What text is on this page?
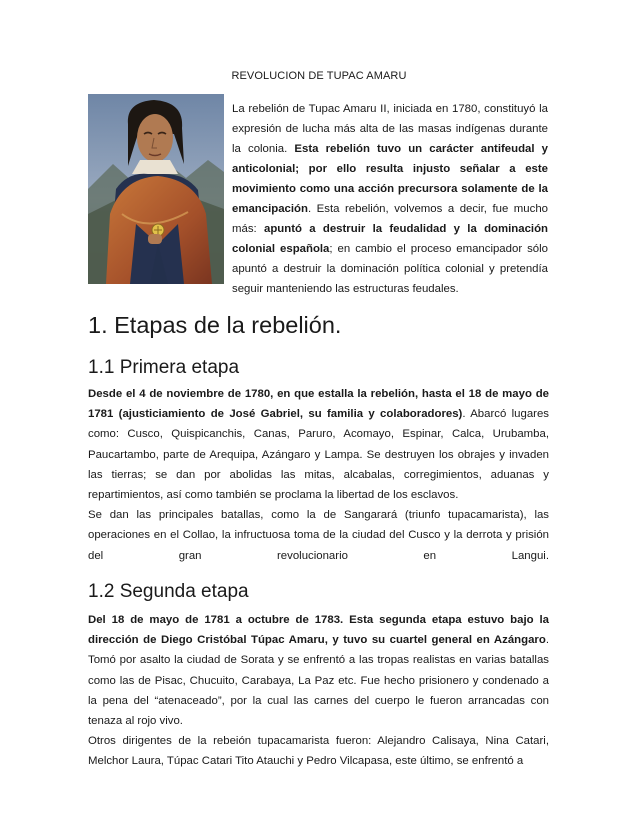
REVOLUCION DE TUPAC AMARU
La rebelión de Tupac Amaru II, iniciada en 1780, constituyó la expresión de lucha más alta de las masas indígenas durante la colonia. Esta rebelión tuvo un carácter antifeudal y anticolonial; por ello resulta injusto señalar a este movimiento como una acción precursora solamente de la emancipación. Esta rebelión, volvemos a decir, fue mucho más: apuntó a destruir la feudalidad y la dominación colonial española; en cambio el proceso emancipador sólo apuntó a destruir la dominación política colonial y pretendía seguir manteniendo las estructuras feudales.
1. Etapas de la rebelión.
1.1 Primera etapa
Desde el 4 de noviembre de 1780, en que estalla la rebelión, hasta el 18 de mayo de 1781 (ajusticiamiento de José Gabriel, su familia y colaboradores). Abarcó lugares como: Cusco, Quispicanchis, Canas, Paruro, Acomayo, Espinar, Calca, Urubamba, Paucartambo, parte de Arequipa, Azángaro y Lampa. Se destruyen los obrajes y invaden las tierras; se dan por abolidas las mitas, alcabalas, corregimientos, aduanas y repartimientos, así como también se proclama la libertad de los esclavos.
Se dan las principales batallas, como la de Sangarará (triunfo tupacamarista), las operaciones en el Collao, la infructuosa toma de la ciudad del Cusco y la derrota y prisión del gran revolucionario en Langui.
1.2 Segunda etapa
Del 18 de mayo de 1781 a octubre de 1783. Esta segunda etapa estuvo bajo la dirección de Diego Cristóbal Túpac Amaru, y tuvo su cuartel general en Azángaro. Tomó por asalto la ciudad de Sorata y se enfrentó a las tropas realistas en varias batallas como las de Pisac, Chucuito, Carabaya, La Paz etc. Fue hecho prisionero y condenado a la pena del “atenaceado”, por la cual las carnes del cuerpo le fueron arrancadas con tenaza al rojo vivo.
Otros dirigentes de la rebeión tupacamarista fueron: Alejandro Calisaya, Nina Catari, Melchor Laura, Túpac Catari Tito Atauchi y Pedro Vilcapasa, este último, se enfrentó a
